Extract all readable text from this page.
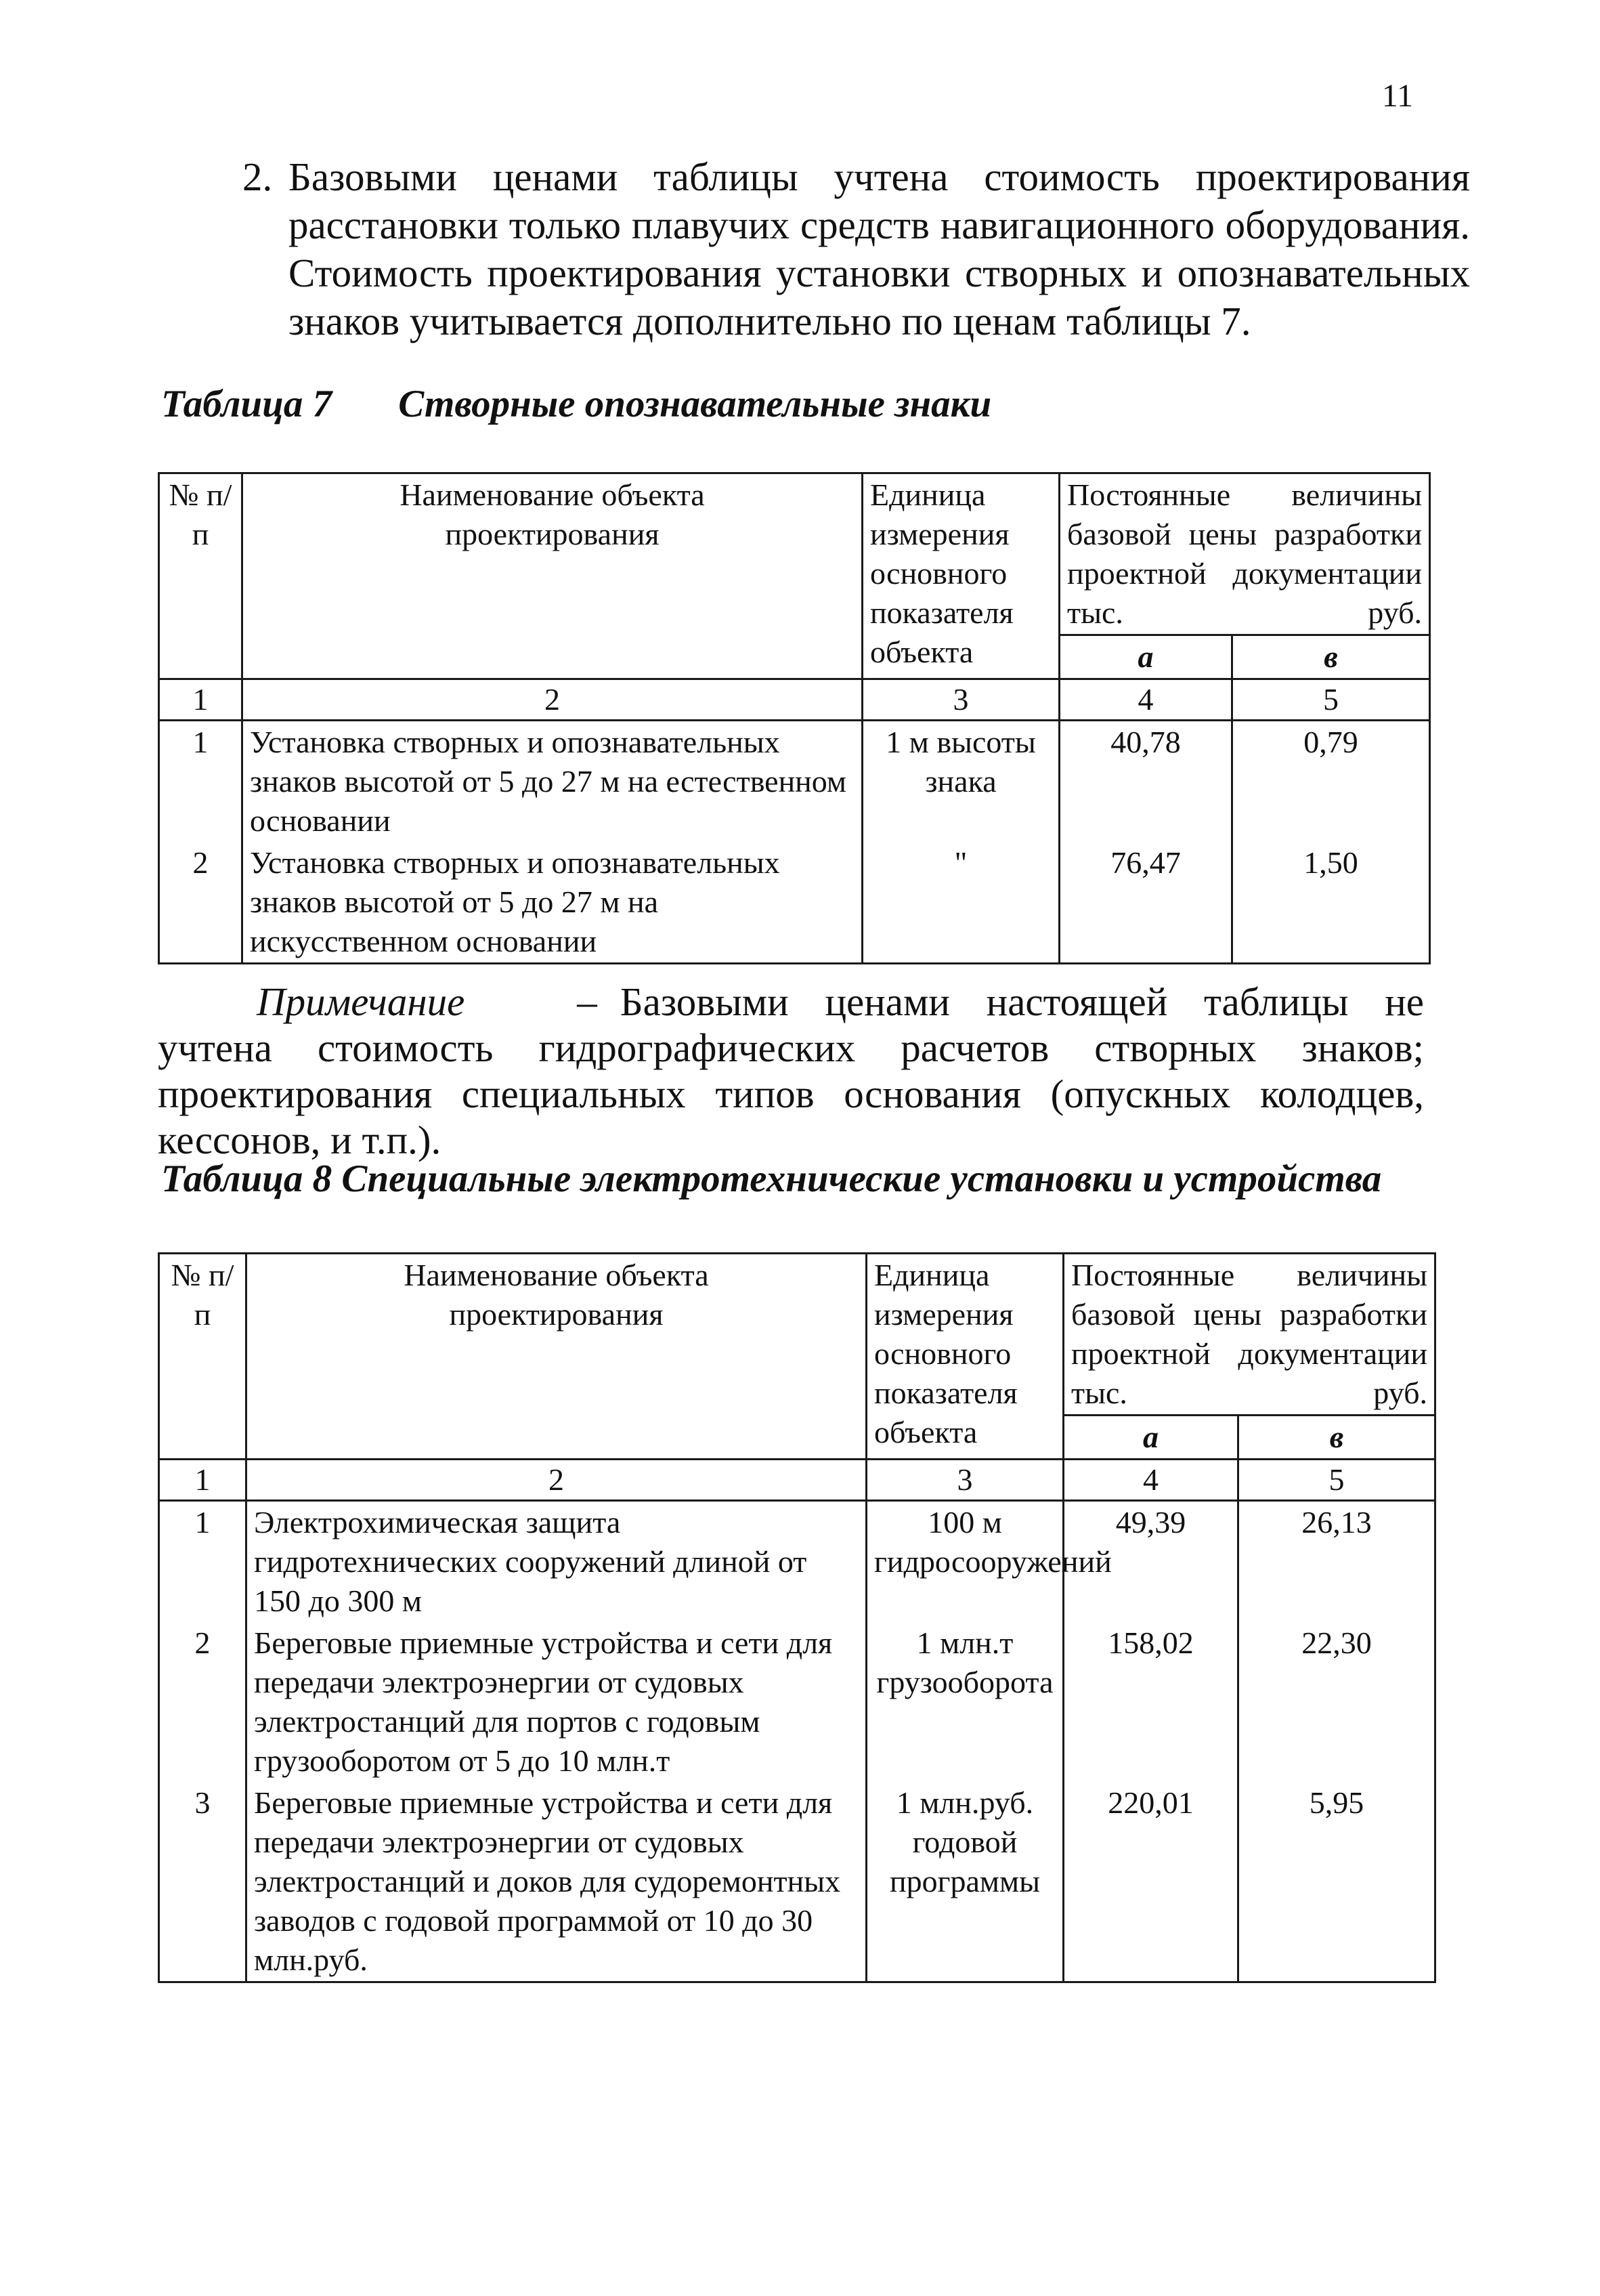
11

2. Базовыми ценами таблицы учтена стоимость проектирования расстановки только плавучих средств навигационного оборудования. Стоимость проектирования установки створных и опознавательных знаков учитывается дополнительно по ценам таблицы 7.

Таблица 7 Створные опознавательные знаки
№ п/п	Наименование объекта проектирования	Единица измерения основного показателя объекта	Постоянные величины базовой цены разработки проектной документации тыс. руб.	
			а	в
1	2	3	4	5
1	Установка створных и опознавательных знаков высотой от 5 до 27 м на естественном основании	1 м высоты знака	40,78	0,79
2	Установка створных и опознавательных знаков высотой от 5 до 27 м на искусственном основании	"	76,47	1,50

Примечание	– Базовыми ценами настоящей таблицы не учтена стоимость гидрографических расчетов створных знаков; проектирования специальных типов основания (опускных колодцев, кессонов, и т.п.).

Таблица 8 Специальные электротехнические установки и устройства
№ п/п	Наименование объекта проектирования	Единица измерения основного показателя объекта	Постоянные величины базовой цены разработки проектной документации тыс. руб.	
			а	в
1	2	3	4	5
1	Электрохимическая защита гидротехнических сооружений длиной от 150 до 300 м	100 м гидросооружений	49,39	26,13
2	Береговые приемные устройства и сети для передачи электроэнергии от судовых электростанций для портов с годовым грузооборотом от 5 до 10 млн.т	1 млн.т грузооборота	158,02	22,30
3	Береговые приемные устройства и сети для передачи электроэнергии от судовых электростанций и доков для судоремонтных заводов с годовой программой от 10 до 30 млн.руб.	1 млн.руб. годовой программы	220,01	5,95
